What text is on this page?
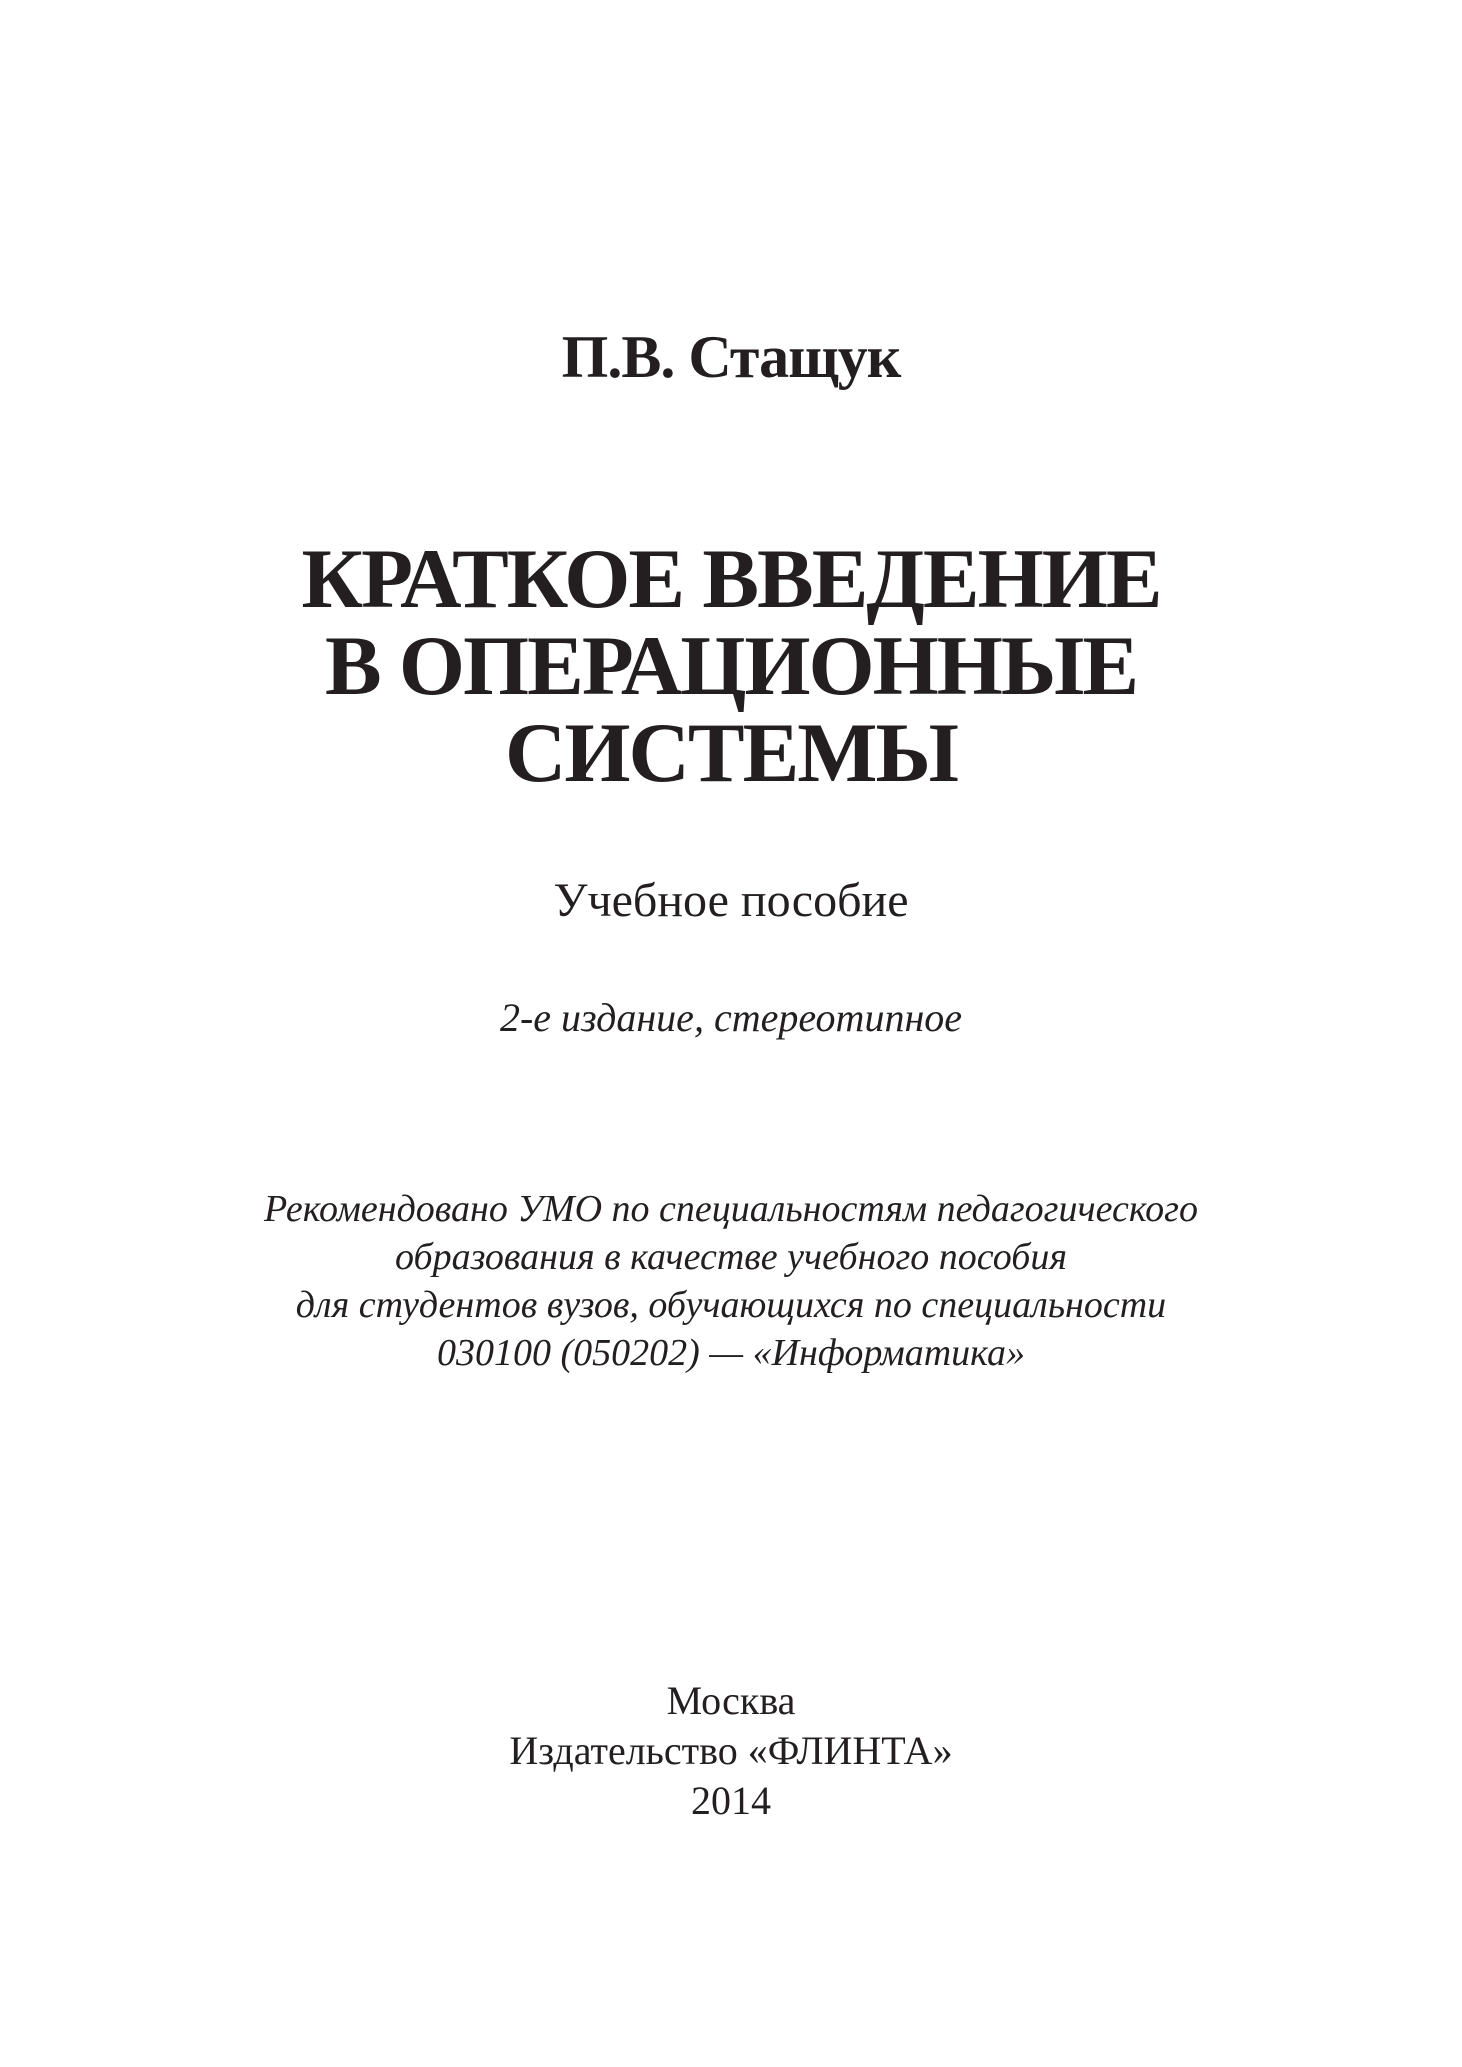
П.В. Стащук
КРАТКОЕ ВВЕДЕНИЕ
В ОПЕРАЦИОННЫЕ
СИСТЕМЫ
Учебное пособие
2-е издание, стереотипное
Рекомендовано УМО по специальностям педагогического
образования в качестве учебного пособия
для студентов вузов, обучающихся по специальности
030100 (050202) — «Информатика»
Москва
Издательство «ФЛИНТА»
2014
